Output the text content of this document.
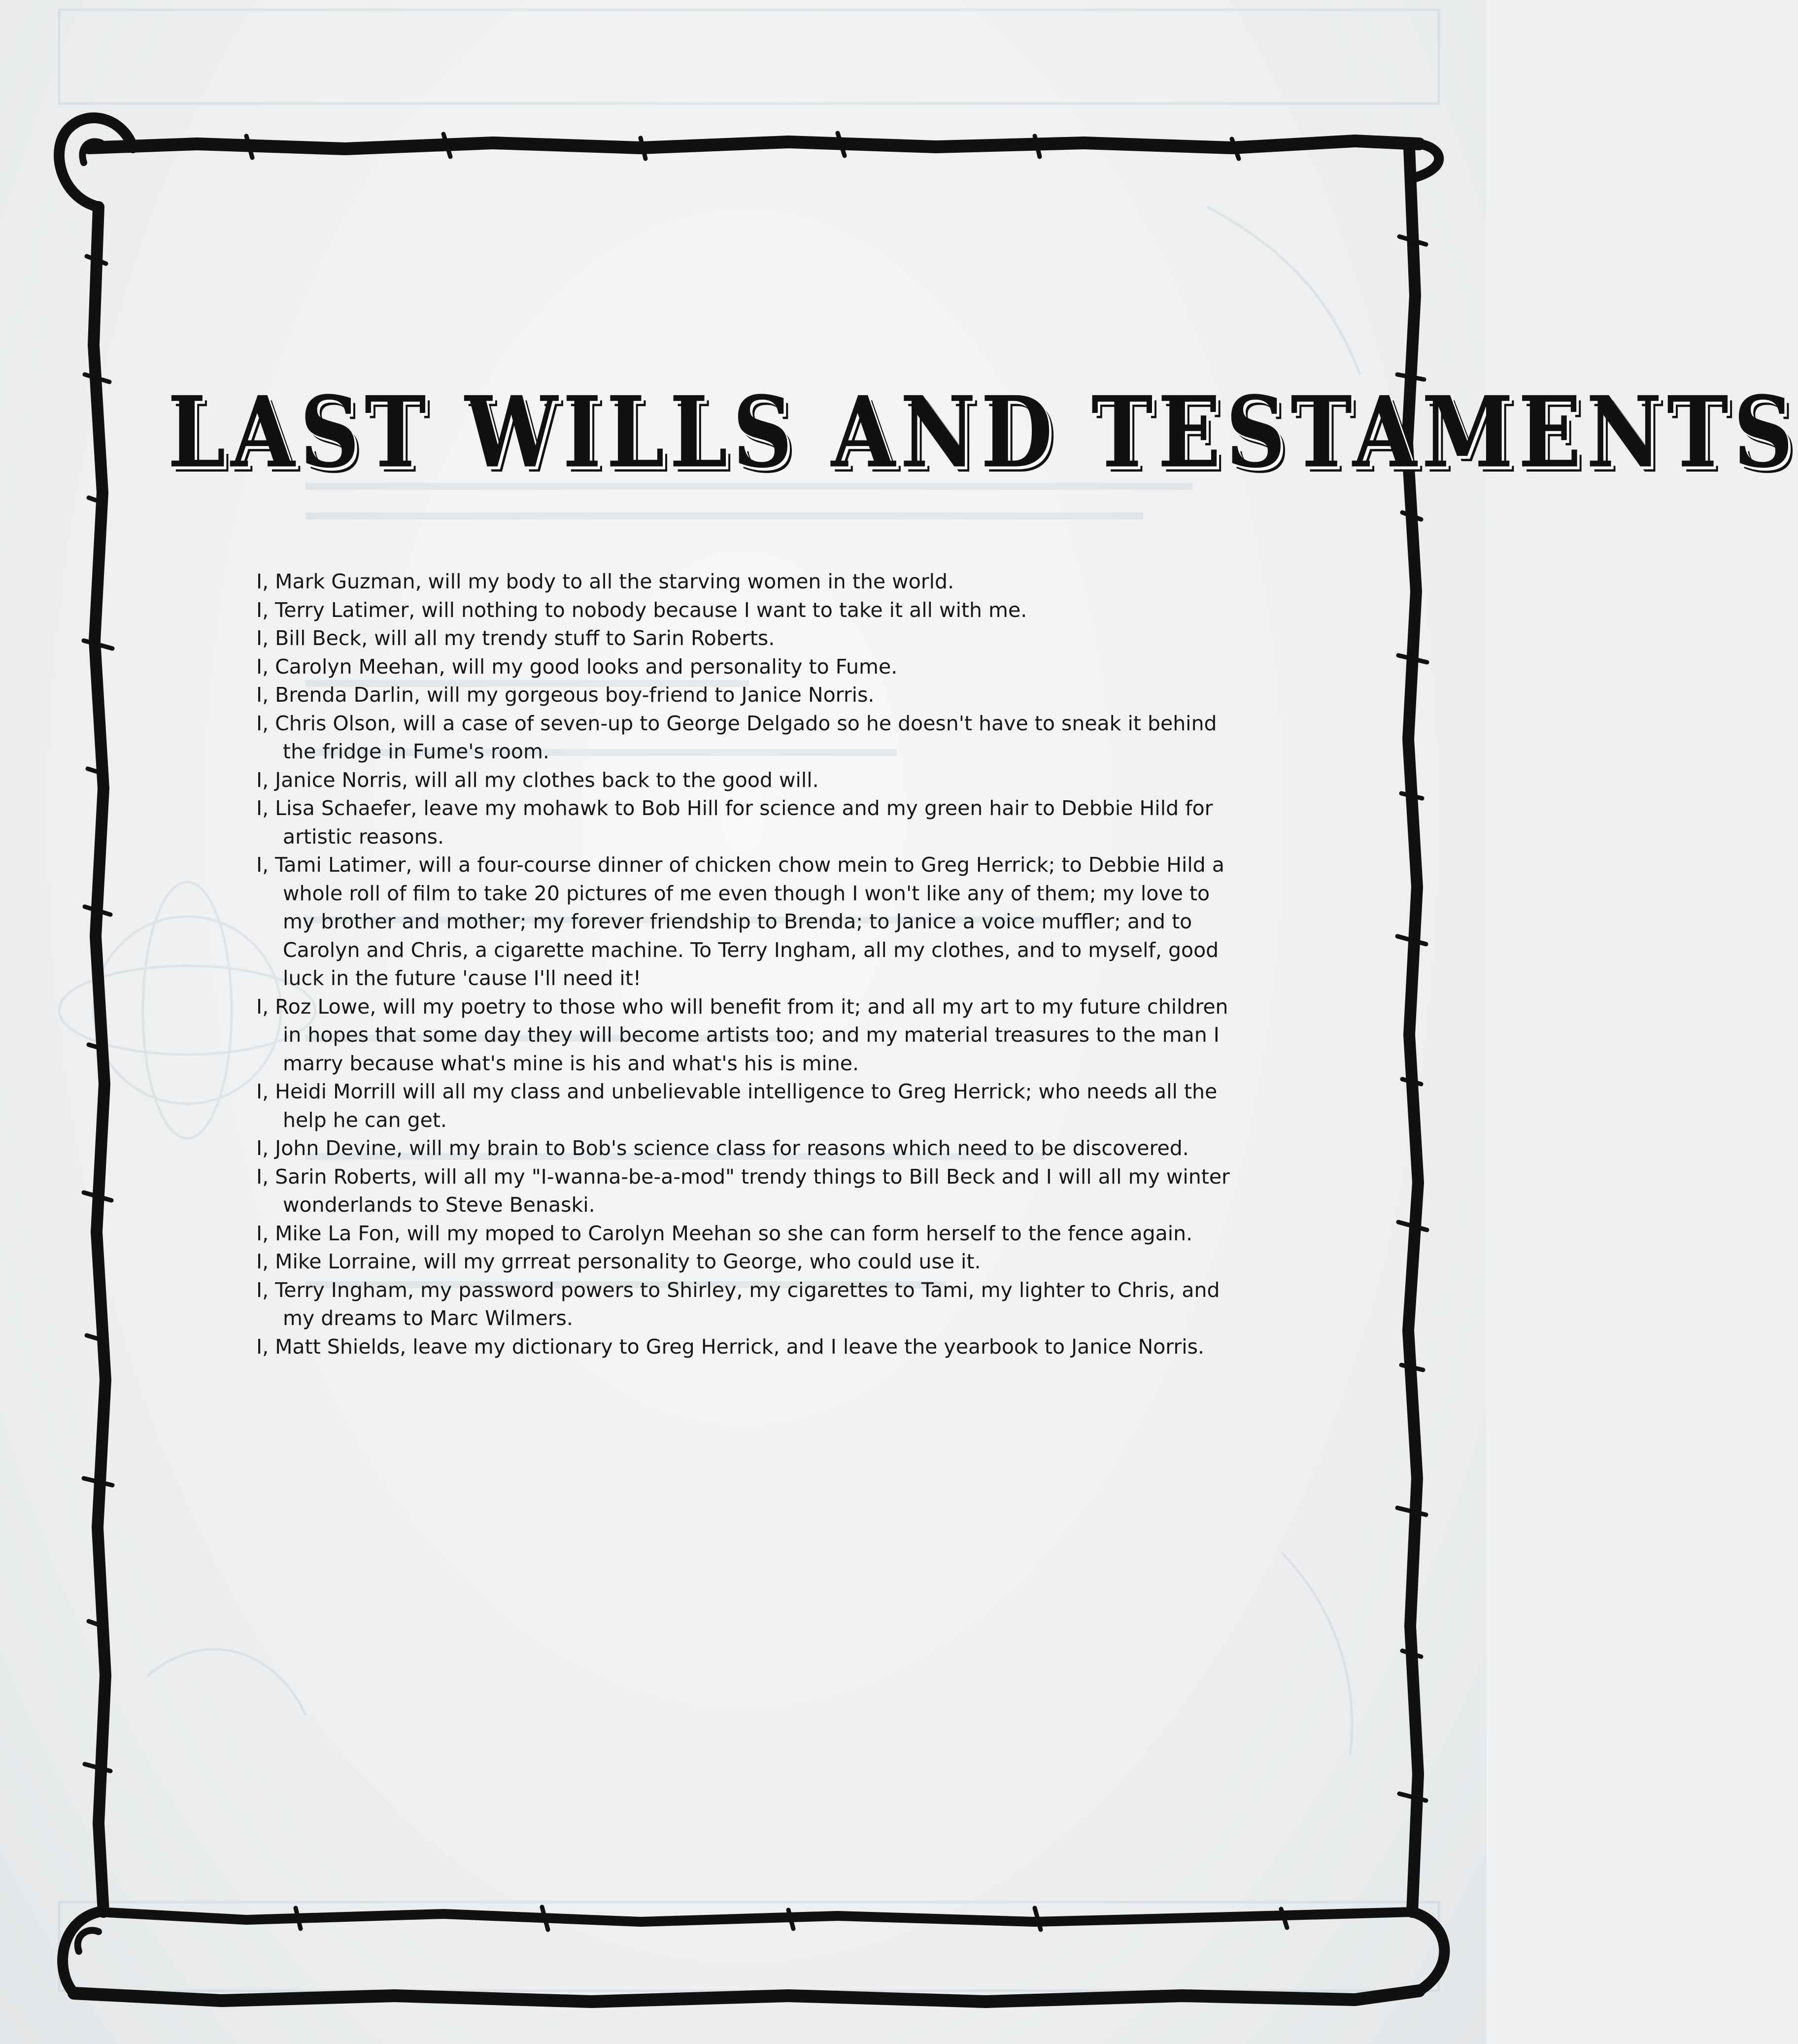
LAST WILLS AND TESTAMENTS
I, Mark Guzman, will my body to all the starving women in the world.
I, Terry Latimer, will nothing to nobody because I want to take it all with me.
I, Bill Beck, will all my trendy stuff to Sarin Roberts.
I, Carolyn Meehan, will my good looks and personality to Fume.
I, Brenda Darlin, will my gorgeous boy-friend to Janice Norris.
I, Chris Olson, will a case of seven-up to George Delgado so he doesn't have to sneak it behind the fridge in Fume's room.
I, Janice Norris, will all my clothes back to the good will.
I, Lisa Schaefer, leave my mohawk to Bob Hill for science and my green hair to Debbie Hild for artistic reasons.
I, Tami Latimer, will a four-course dinner of chicken chow mein to Greg Herrick; to Debbie Hild a whole roll of film to take 20 pictures of me even though I won't like any of them; my love to my brother and mother; my forever friendship to Brenda; to Janice a voice muffler; and to Carolyn and Chris, a cigarette machine. To Terry Ingham, all my clothes, and to myself, good luck in the future 'cause I'll need it!
I, Roz Lowe, will my poetry to those who will benefit from it; and all my art to my future children in hopes that some day they will become artists too; and my material treasures to the man I marry because what's mine is his and what's his is mine.
I, Heidi Morrill will all my class and unbelievable intelligence to Greg Herrick; who needs all the help he can get.
I, John Devine, will my brain to Bob's science class for reasons which need to be discovered.
I, Sarin Roberts, will all my "I-wanna-be-a-mod" trendy things to Bill Beck and I will all my winter wonderlands to Steve Benaski.
I, Mike La Fon, will my moped to Carolyn Meehan so she can form herself to the fence again.
I, Mike Lorraine, will my grrreat personality to George, who could use it.
I, Terry Ingham, my password powers to Shirley, my cigarettes to Tami, my lighter to Chris, and my dreams to Marc Wilmers.
I, Matt Shields, leave my dictionary to Greg Herrick, and I leave the yearbook to Janice Norris.
